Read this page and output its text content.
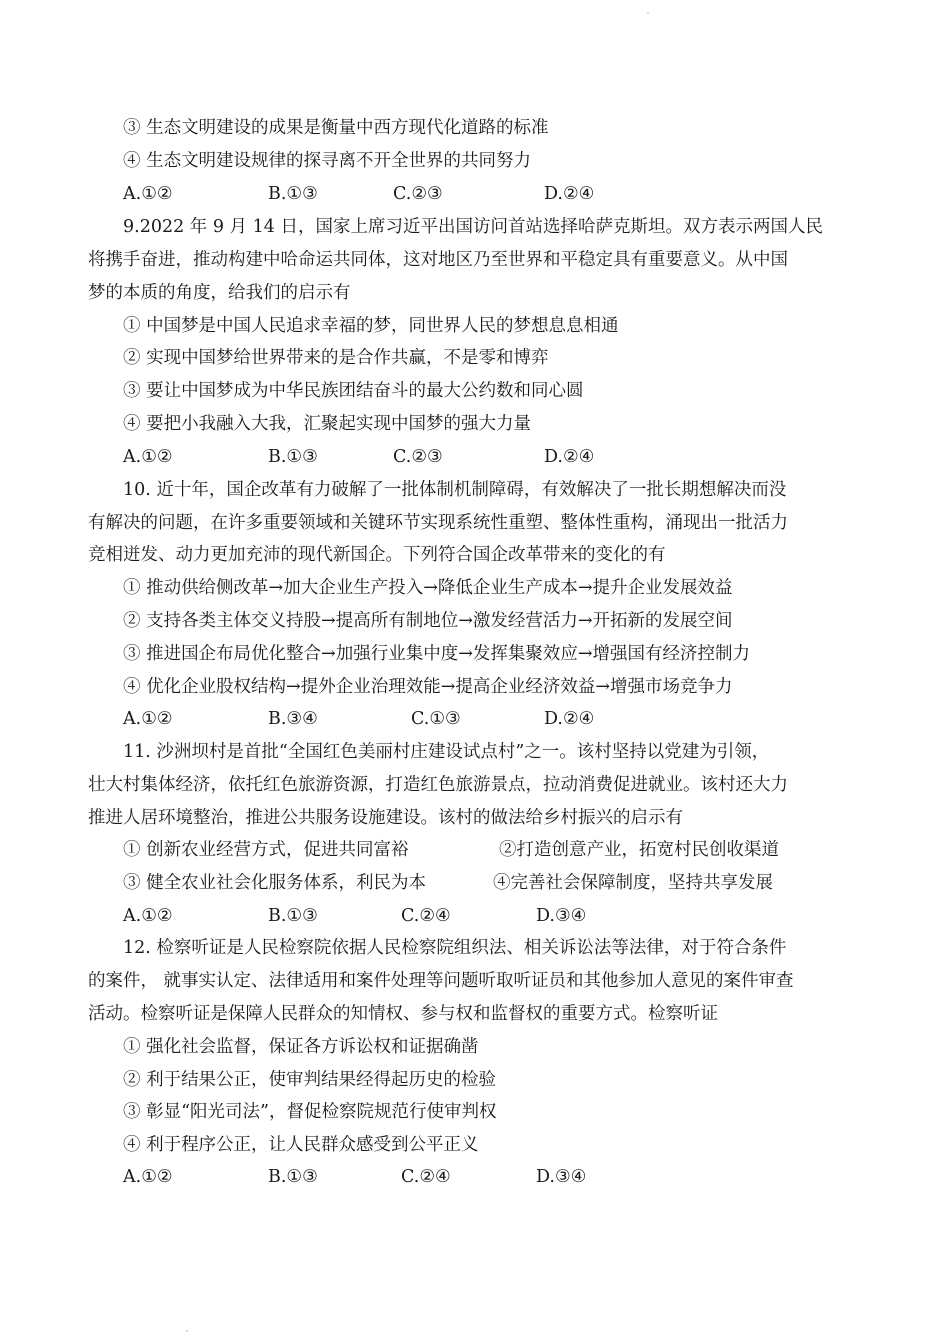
③ 生态文明建设的成果是衡量中西方现代化道路的标准
④ 生态文明建设规律的探寻离不开全世界的共同努力
A.①②	B.①③	C.②③	D.②④
9.2022 年 9 月 14 日，国家上席习近平出国访问首站选择哈萨克斯坦。双方表示两国人民
将携手奋进，推动构建中哈命运共同体，这对地区乃至世界和平稳定具有重要意义。从中国
梦的本质的角度，给我们的启示有
① 中国梦是中国人民追求幸福的梦，同世界人民的梦想息息相通
② 实现中国梦给世界带来的是合作共赢，不是零和博弈
③ 要让中国梦成为中华民族团结奋斗的最大公约数和同心圆
④ 要把小我融入大我，汇聚起实现中国梦的强大力量
A.①②	B.①③	C.②③	D.②④
10. 近十年，国企改革有力破解了一批体制机制障碍，有效解决了一批长期想解决而没
有解决的问题，在许多重要领域和关键环节实现系统性重塑、整体性重构，涌现出一批活力
竞相迸发、动力更加充沛的现代新国企。下列符合国企改革带来的变化的有
① 推动供给侧改革→加大企业生产投入→降低企业生产成本→提升企业发展效益
② 支持各类主体交义持股→提高所有制地位→激发经营活力→开拓新的发展空间
③ 推进国企布局优化整合→加强行业集中度→发挥集聚效应→增强国有经济控制力
④ 优化企业股权结构→提外企业治理效能→提高企业经济效益→增强市场竞争力
A.①②	B.③④	C.①③	D.②④
11. 沙洲坝村是首批“全国红色美丽村庄建设试点村”之一。该村坚持以党建为引领，
壮大村集体经济，依托红色旅游资源，打造红色旅游景点，拉动消费促进就业。该村还大力
推进人居环境整治，推进公共服务设施建设。该村的做法给乡村振兴的启示有
① 创新农业经营方式，促进共同富裕	②打造创意产业，拓宽村民创收渠道
③ 健全农业社会化服务体系，利民为本	④完善社会保障制度，坚持共享发展
A.①②	B.①③	C.②④	D.③④
12. 检察听证是人民检察院依据人民检察院组织法、相关诉讼法等法律，对于符合条件
的案件， 就事实认定、法律适用和案件处理等问题听取听证员和其他参加人意见的案件审查
活动。检察听证是保障人民群众的知情权、参与权和监督权的重要方式。检察听证
① 强化社会监督，保证各方诉讼权和证据确凿
② 利于结果公正，使审判结果经得起历史的检验
③ 彰显“阳光司法”，督促检察院规范行使审判权
④ 利于程序公正，让人民群众感受到公平正义
A.①②	B.①③	C.②④	D.③④
